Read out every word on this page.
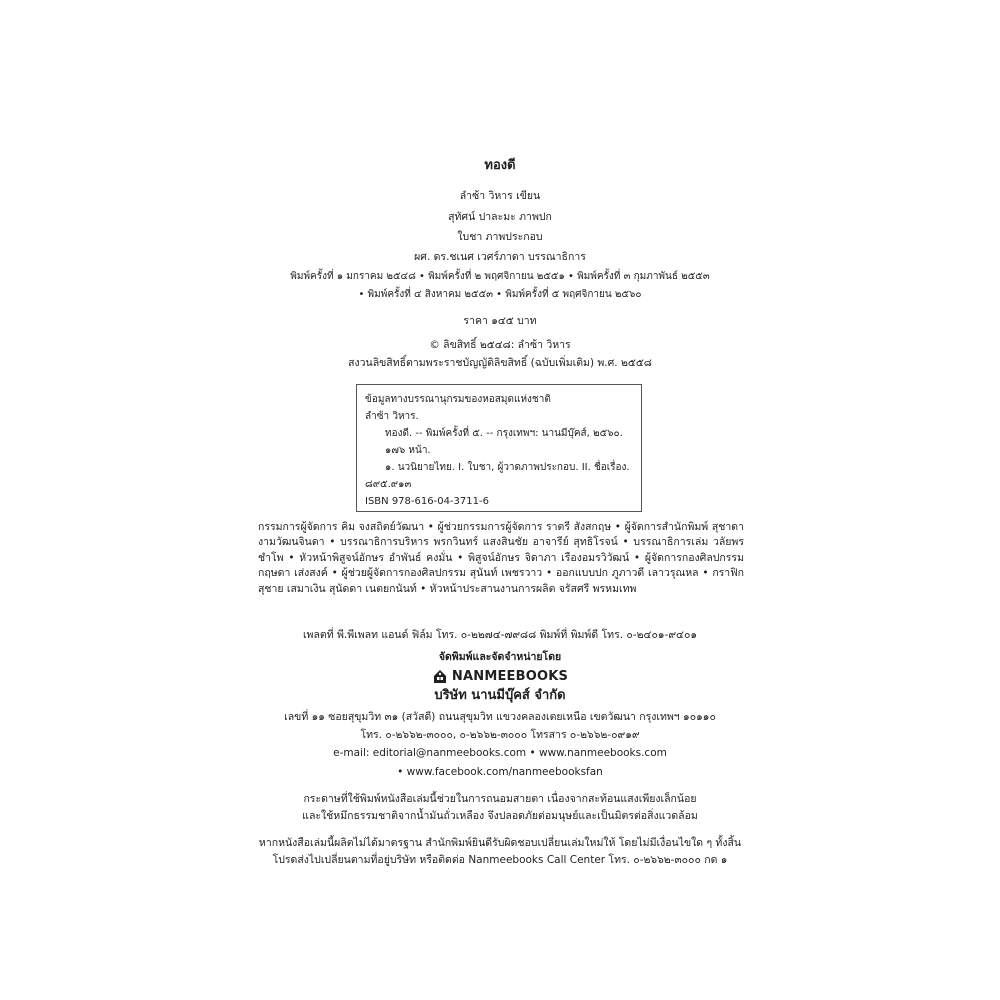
ทองดี
ลำซ้า วิหาร เขียน
สุทัศน์ ปาละมะ ภาพปก
ใบชา ภาพประกอบ
ผศ. ดร.ชเนศ เวศร์ภาดา บรรณาธิการ
พิมพ์ครั้งที่ ๑ มกราคม ๒๕๔๘ • พิมพ์ครั้งที่ ๒ พฤศจิกายน ๒๕๕๑ • พิมพ์ครั้งที่ ๓ กุมภาพันธ์ ๒๕๕๓
• พิมพ์ครั้งที่ ๔ สิงหาคม ๒๕๕๓ • พิมพ์ครั้งที่ ๕ พฤศจิกายน ๒๕๖๐
ราคา ๑๔๕ บาท
© ลิขสิทธิ์ ๒๕๔๘: ลำซ้า วิหาร
สงวนลิขสิทธิ์ตามพระราชบัญญัติลิขสิทธิ์ (ฉบับเพิ่มเติม) พ.ศ. ๒๕๕๘
ข้อมูลทางบรรณานุกรมของหอสมุดแห่งชาติ
ลำซ้า วิหาร.
ทองดี. -- พิมพ์ครั้งที่ ๕. -- กรุงเทพฯ: นานมีบุ๊คส์, ๒๕๖๐.
๑๗๖ หน้า.
๑. นวนิยายไทย. I. ใบชา, ผู้วาดภาพประกอบ. II. ชื่อเรื่อง.
๘๙๕.๙๑๓
ISBN 978-616-04-3711-6
กรรมการผู้จัดการ คิม จงสถิตย์วัฒนา • ผู้ช่วยกรรมการผู้จัดการ ราตรี สังสกฤษ • ผู้จัดการสำนักพิมพ์ สุชาดา งามวัฒนจินดา • บรรณาธิการบริหาร พรกวินทร์ แสงสินชัย อาจารีย์ สุทธิโรจน์ • บรรณาธิการเล่ม วลัยพร ชำโพ • หัวหน้าพิสูจน์อักษร อำพันธ์ คงมั่น • พิสูจน์อักษร จิดาภา เรืองอมรวิวัฒน์ • ผู้จัดการกองศิลปกรรม กฤษดา เส่งสงค์ • ผู้ช่วยผู้จัดการกองศิลปกรรม สุนันท์ เพชรวาว • ออกแบบปก ภูภาวดี เลาวรุณหล • กราฟิก สุชาย เสมาเงิน สุนัดดา เนตยกนันท์ • หัวหน้าประสานงานการผลิต จรัสศรี พรหมเทพ
เพลตที่ พี.พีเพลท แอนด์ ฟิล์ม โทร. ๐-๒๒๗๔-๗๙๘๘ พิมพ์ที่ พิมพ์ดี โทร. ๐-๒๔๐๑-๙๔๐๑
จัดพิมพ์และจัดจำหน่ายโดย
NANMEEBOOKS
บริษัท นานมีบุ๊คส์ จำกัด
เลขที่ ๑๑ ซอยสุขุมวิท ๓๑ (สวัสดี) ถนนสุขุมวิท แขวงคลองเตยเหนือ เขตวัฒนา กรุงเทพฯ ๑๐๑๑๐
โทร. ๐-๒๖๖๒-๓๐๐๐, ๐-๒๖๖๒-๓๐๐๐ โทรสาร ๐-๒๖๖๒-๐๙๑๙
e-mail: editorial@nanmeebooks.com • www.nanmeebooks.com
• www.facebook.com/nanmeebooksfan
กระดาษที่ใช้พิมพ์หนังสือเล่มนี้ช่วยในการถนอมสายตา เนื่องจากสะท้อนแสงเพียงเล็กน้อย
และใช้หมึกธรรมชาติจากน้ำมันถั่วเหลือง จึงปลอดภัยต่อมนุษย์และเป็นมิตรต่อสิ่งแวดล้อม
หากหนังสือเล่มนี้ผลิตไม่ได้มาตรฐาน สำนักพิมพ์ยินดีรับผิดชอบเปลี่ยนเล่มใหม่ให้ โดยไม่มีเงื่อนไขใด ๆ ทั้งสิ้น
โปรดส่งไปเปลี่ยนตามที่อยู่บริษัท หรือติดต่อ Nanmeebooks Call Center โทร. ๐-๒๖๖๒-๓๐๐๐ กด ๑
